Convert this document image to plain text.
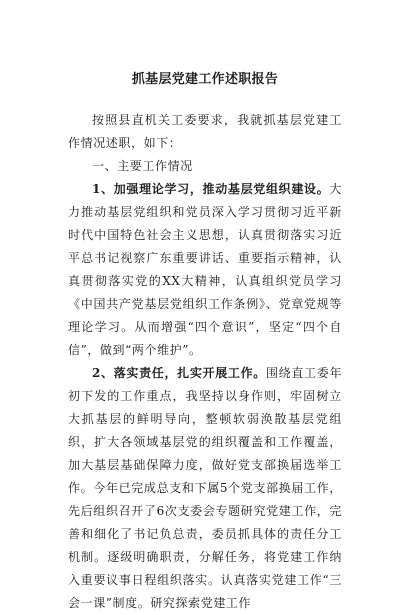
抓基层党建工作述职报告

按照县直机关工委要求，我就抓基层党建工作情况述职，如下：

一、主要工作情况

1、加强理论学习，推动基层党组织建设。大力推动基层党组织和党员深入学习贯彻习近平新时代中国特色社会主义思想，认真贯彻落实习近平总书记视察广东重要讲话、重要指示精神，认真贯彻落实党的XX大精神，认真组织党员学习《中国共产党基层党组织工作条例》、党章党规等理论学习。从而增强“四个意识”，坚定“四个自信”，做到“两个维护”。

2、落实责任，扎实开展工作。围绕直工委年初下发的工作重点，我坚持以身作则，牢固树立大抓基层的鲜明导向，整顿软弱涣散基层党组织，扩大各领域基层党的组织覆盖和工作覆盖，加大基层基础保障力度，做好党支部换届选举工作。今年已完成总支和下属5个党支部换届工作，先后组织召开了6次支委会专题研究党建工作，完善和细化了书记负总责，委员抓具体的责任分工机制。逐级明确职责，分解任务，将党建工作纳入重要议事日程组织落实。认真落实党建工作“三会一课”制度。研究探索党建工作
